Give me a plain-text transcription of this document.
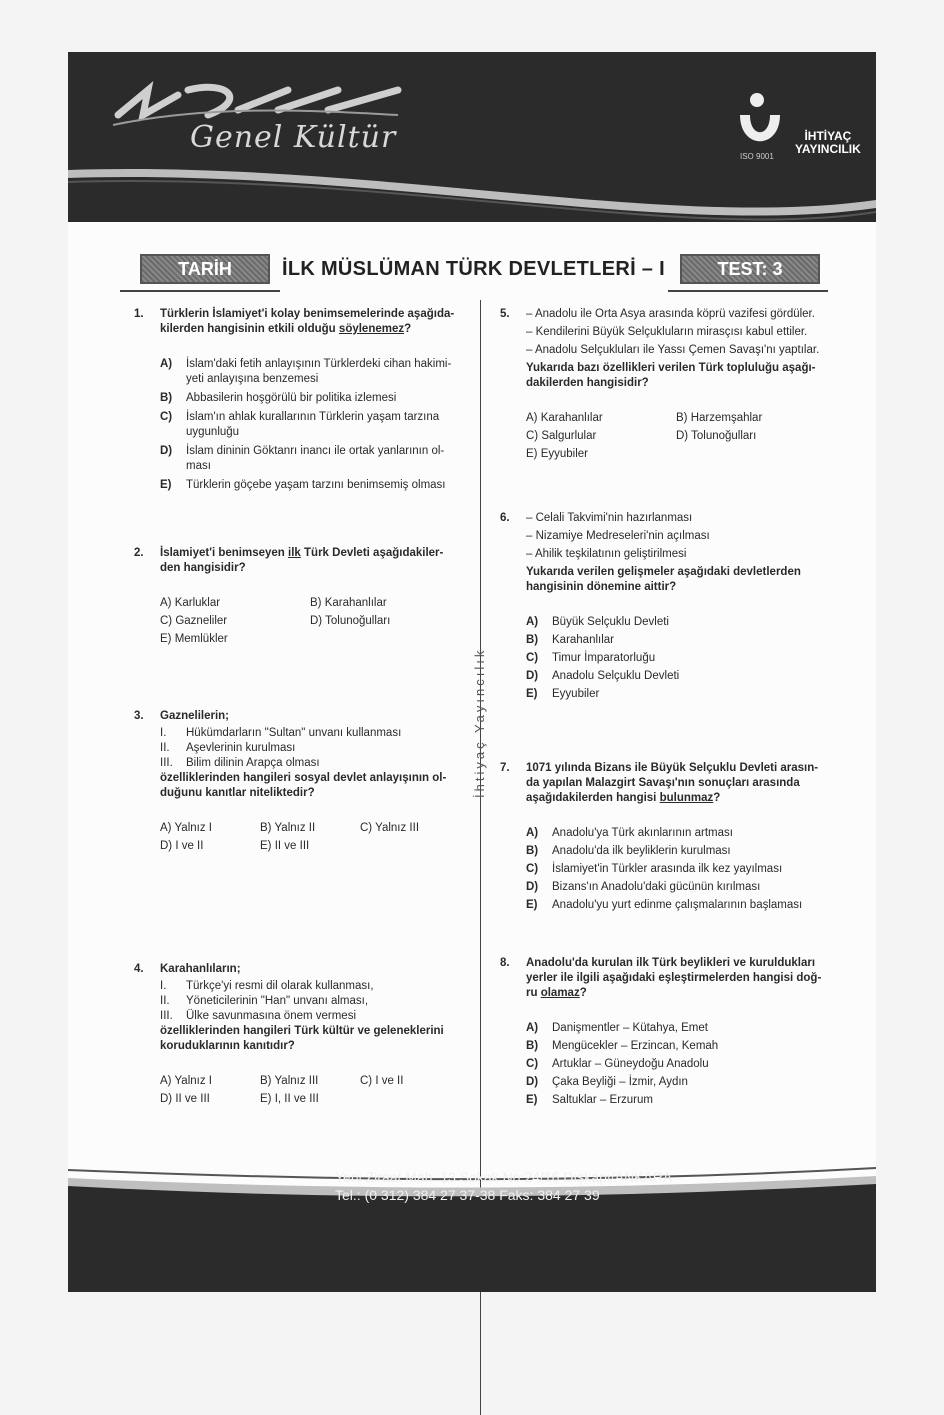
Genel Kültür	İHTİYAÇ
YAYINCILIK
ISO 9001
TARİH	İLK MÜSLÜMAN TÜRK DEVLETLERİ – I	TEST: 3
İhtiyaç Yayıncılık
1. Türklerin İslamiyet'i kolay benimsemelerinde aşağıda-
kilerden hangisinin etkili olduğu söylenemez?
A) İslam'daki fetih anlayışının Türklerdeki cihan hakimi-
yeti anlayışına benzemesi
B) Abbasilerin hoşgörülü bir politika izlemesi
C) İslam'ın ahlak kurallarının Türklerin yaşam tarzına
uygunluğu
D) İslam dininin Göktanrı inancı ile ortak yanlarının ol-
ması
E) Türklerin göçebe yaşam tarzını benimsemiş olması
2. İslamiyet'i benimseyen ilk Türk Devleti aşağıdakiler-
den hangisidir?
A) Karluklar	B) Karahanlılar
C) Gazneliler	D) Tolunoğulları
E) Memlükler
3. Gaznelilerin;
I.	Hükümdarların "Sultan" unvanı kullanması
II.	Aşevlerinin kurulması
III. Bilim dilinin Arapça olması
özelliklerinden hangileri sosyal devlet anlayışının ol-
duğunu kanıtlar niteliktedir?
A) Yalnız I	B) Yalnız II	C) Yalnız III
D) I ve II	E) II ve III
4. Karahanlıların;
I.	Türkçe'yi resmi dil olarak kullanması,
II.	Yöneticilerinin "Han" unvanı alması,
III. Ülke savunmasına önem vermesi
özelliklerinden hangileri Türk kültür ve geleneklerini
koruduklarının kanıtıdır?
A) Yalnız I	B) Yalnız III	C) I ve II
D) II ve III	E) I, II ve III
5. – Anadolu ile Orta Asya arasında köprü vazifesi gördüler.
– Kendilerini Büyük Selçukluların mirasçısı kabul ettiler.
– Anadolu Selçukluları ile Yassı Çemen Savaşı'nı yaptılar.
Yukarıda bazı özellikleri verilen Türk topluluğu aşağı-
dakilerden hangisidir?
A) Karahanlılar	B) Harzemşahlar
C) Salgurlular	D) Tolunoğulları
E) Eyyubiler
6. – Celali Takvimi'nin hazırlanması
– Nizamiye Medreseleri'nin açılması
– Ahilik teşkilatının geliştirilmesi
Yukarıda verilen gelişmeler aşağıdaki devletlerden
hangisinin dönemine aittir?
A) Büyük Selçuklu Devleti
B) Karahanlılar
C) Timur İmparatorluğu
D) Anadolu Selçuklu Devleti
E) Eyyubiler
7. 1071 yılında Bizans ile Büyük Selçuklu Devleti arasın-
da yapılan Malazgirt Savaşı'nın sonuçları arasında
aşağıdakilerden hangisi bulunmaz?
A) Anadolu'ya Türk akınlarının artması
B) Anadolu'da ilk beyliklerin kurulması
C) İslamiyet'in Türkler arasında ilk kez yayılması
D) Bizans'ın Anadolu'daki gücünün kırılması
E) Anadolu'yu yurt edinme çalışmalarının başlaması
8. Anadolu'da kurulan ilk Türk beylikleri ve kuruldukları
yerler ile ilgili aşağıdaki eşleştirmelerden hangisi doğ-
ru olamaz?
A) Danişmentler – Kütahya, Emet
B) Mengücekler – Erzincan, Kemah
C) Artuklar – Güneydoğu Anadolu
D) Çaka Beyliği – İzmir, Aydın
E) Saltuklar – Erzurum
Yeni Ziraat Mah. 13.Sokak No:24/16 Dışkapı/ANKARA
Tel.: (0 312) 384 27 37-38 Faks: 384 27 39
